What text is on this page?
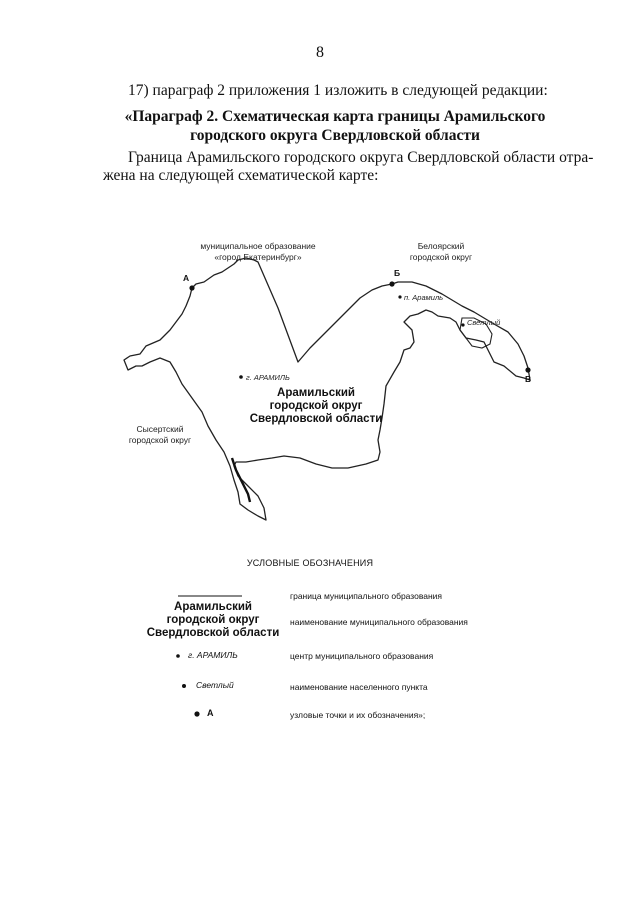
8
17) параграф 2 приложения 1 изложить в следующей редакции:
«Параграф 2. Схематическая карта границы Арамильского
городского округа Свердловской области
Граница Арамильского городского округа Свердловской области отра-
жена на следующей схематической карте:
А	Б
В
муниципальное образование
«город Екатеринбург»
Белоярский
городской округ
Сысертский
городской округ
п. Арамиль
Светлый
г. АРАМИЛЬ
Арамильский
городской округ
Свердловской области
УСЛОВНЫЕ ОБОЗНАЧЕНИЯ
граница муниципального образования
Арамильский
городской округ
Свердловской области
наименование муниципального образования
г. АРАМИЛЬ	центр муниципального образования
Светлый	наименование населенного пункта
А	узловые точки и их обозначения»;
